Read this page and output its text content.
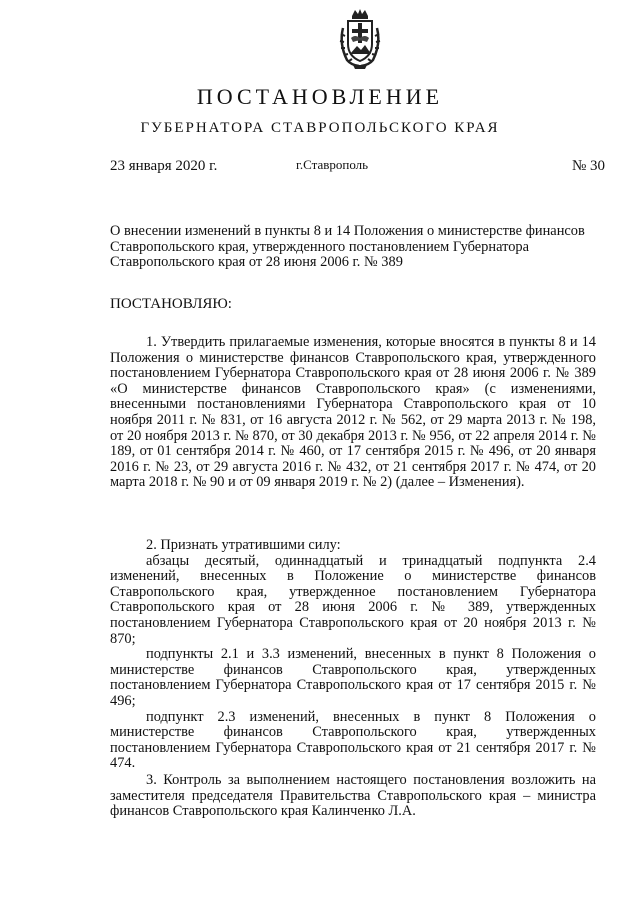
ПОСТАНОВЛЕНИЕ
ГУБЕРНАТОРА СТАВРОПОЛЬСКОГО КРАЯ
23 января 2020 г.	г.Ставрополь	№ 30
О внесении изменений в пункты 8 и 14 Положения о министерстве финансов Ставропольского края, утвержденного постановлением Губернатора Ставропольского края от 28 июня 2006 г. № 389
ПОСТАНОВЛЯЮ:

1. Утвердить прилагаемые изменения, которые вносятся в пункты 8 и 14 Положения о министерстве финансов Ставропольского края, утвержденного постановлением Губернатора Ставропольского края от 28 июня 2006 г. № 389 «О министерстве финансов Ставропольского края» (с изменениями, внесенными постановлениями Губернатора Ставропольского края от 10 ноября 2011 г. № 831, от 16 августа 2012 г. № 562, от 29 марта 2013 г. № 198, от 20 ноября 2013 г. № 870, от 30 декабря 2013 г. № 956, от 22 апреля 2014 г. № 189, от 01 сентября 2014 г. № 460, от 17 сентября 2015 г. № 496, от 20 января 2016 г. № 23, от 29 августа 2016 г. № 432, от 21 сентября 2017 г. № 474, от 20 марта 2018 г. № 90 и от 09 января 2019 г. № 2) (далее – Изменения).

2. Признать утратившими силу:

абзацы десятый, одиннадцатый и тринадцатый подпункта 2.4 изменений, внесенных в Положение о министерстве финансов Ставропольского края, утвержденное постановлением Губернатора Ставропольского края от 28 июня 2006 г. № 389, утвержденных постановлением Губернатора Ставропольского края от 20 ноября 2013 г. № 870;

подпункты 2.1 и 3.3 изменений, внесенных в пункт 8 Положения о министерстве финансов Ставропольского края, утвержденных постановлением Губернатора Ставропольского края от 17 сентября 2015 г. № 496;

подпункт 2.3 изменений, внесенных в пункт 8 Положения о министерстве финансов Ставропольского края, утвержденных постановлением Губернатора Ставропольского края от 21 сентября 2017 г. № 474.

3. Контроль за выполнением настоящего постановления возложить на заместителя председателя Правительства Ставропольского края – министра финансов Ставропольского края Калинченко Л.А.
